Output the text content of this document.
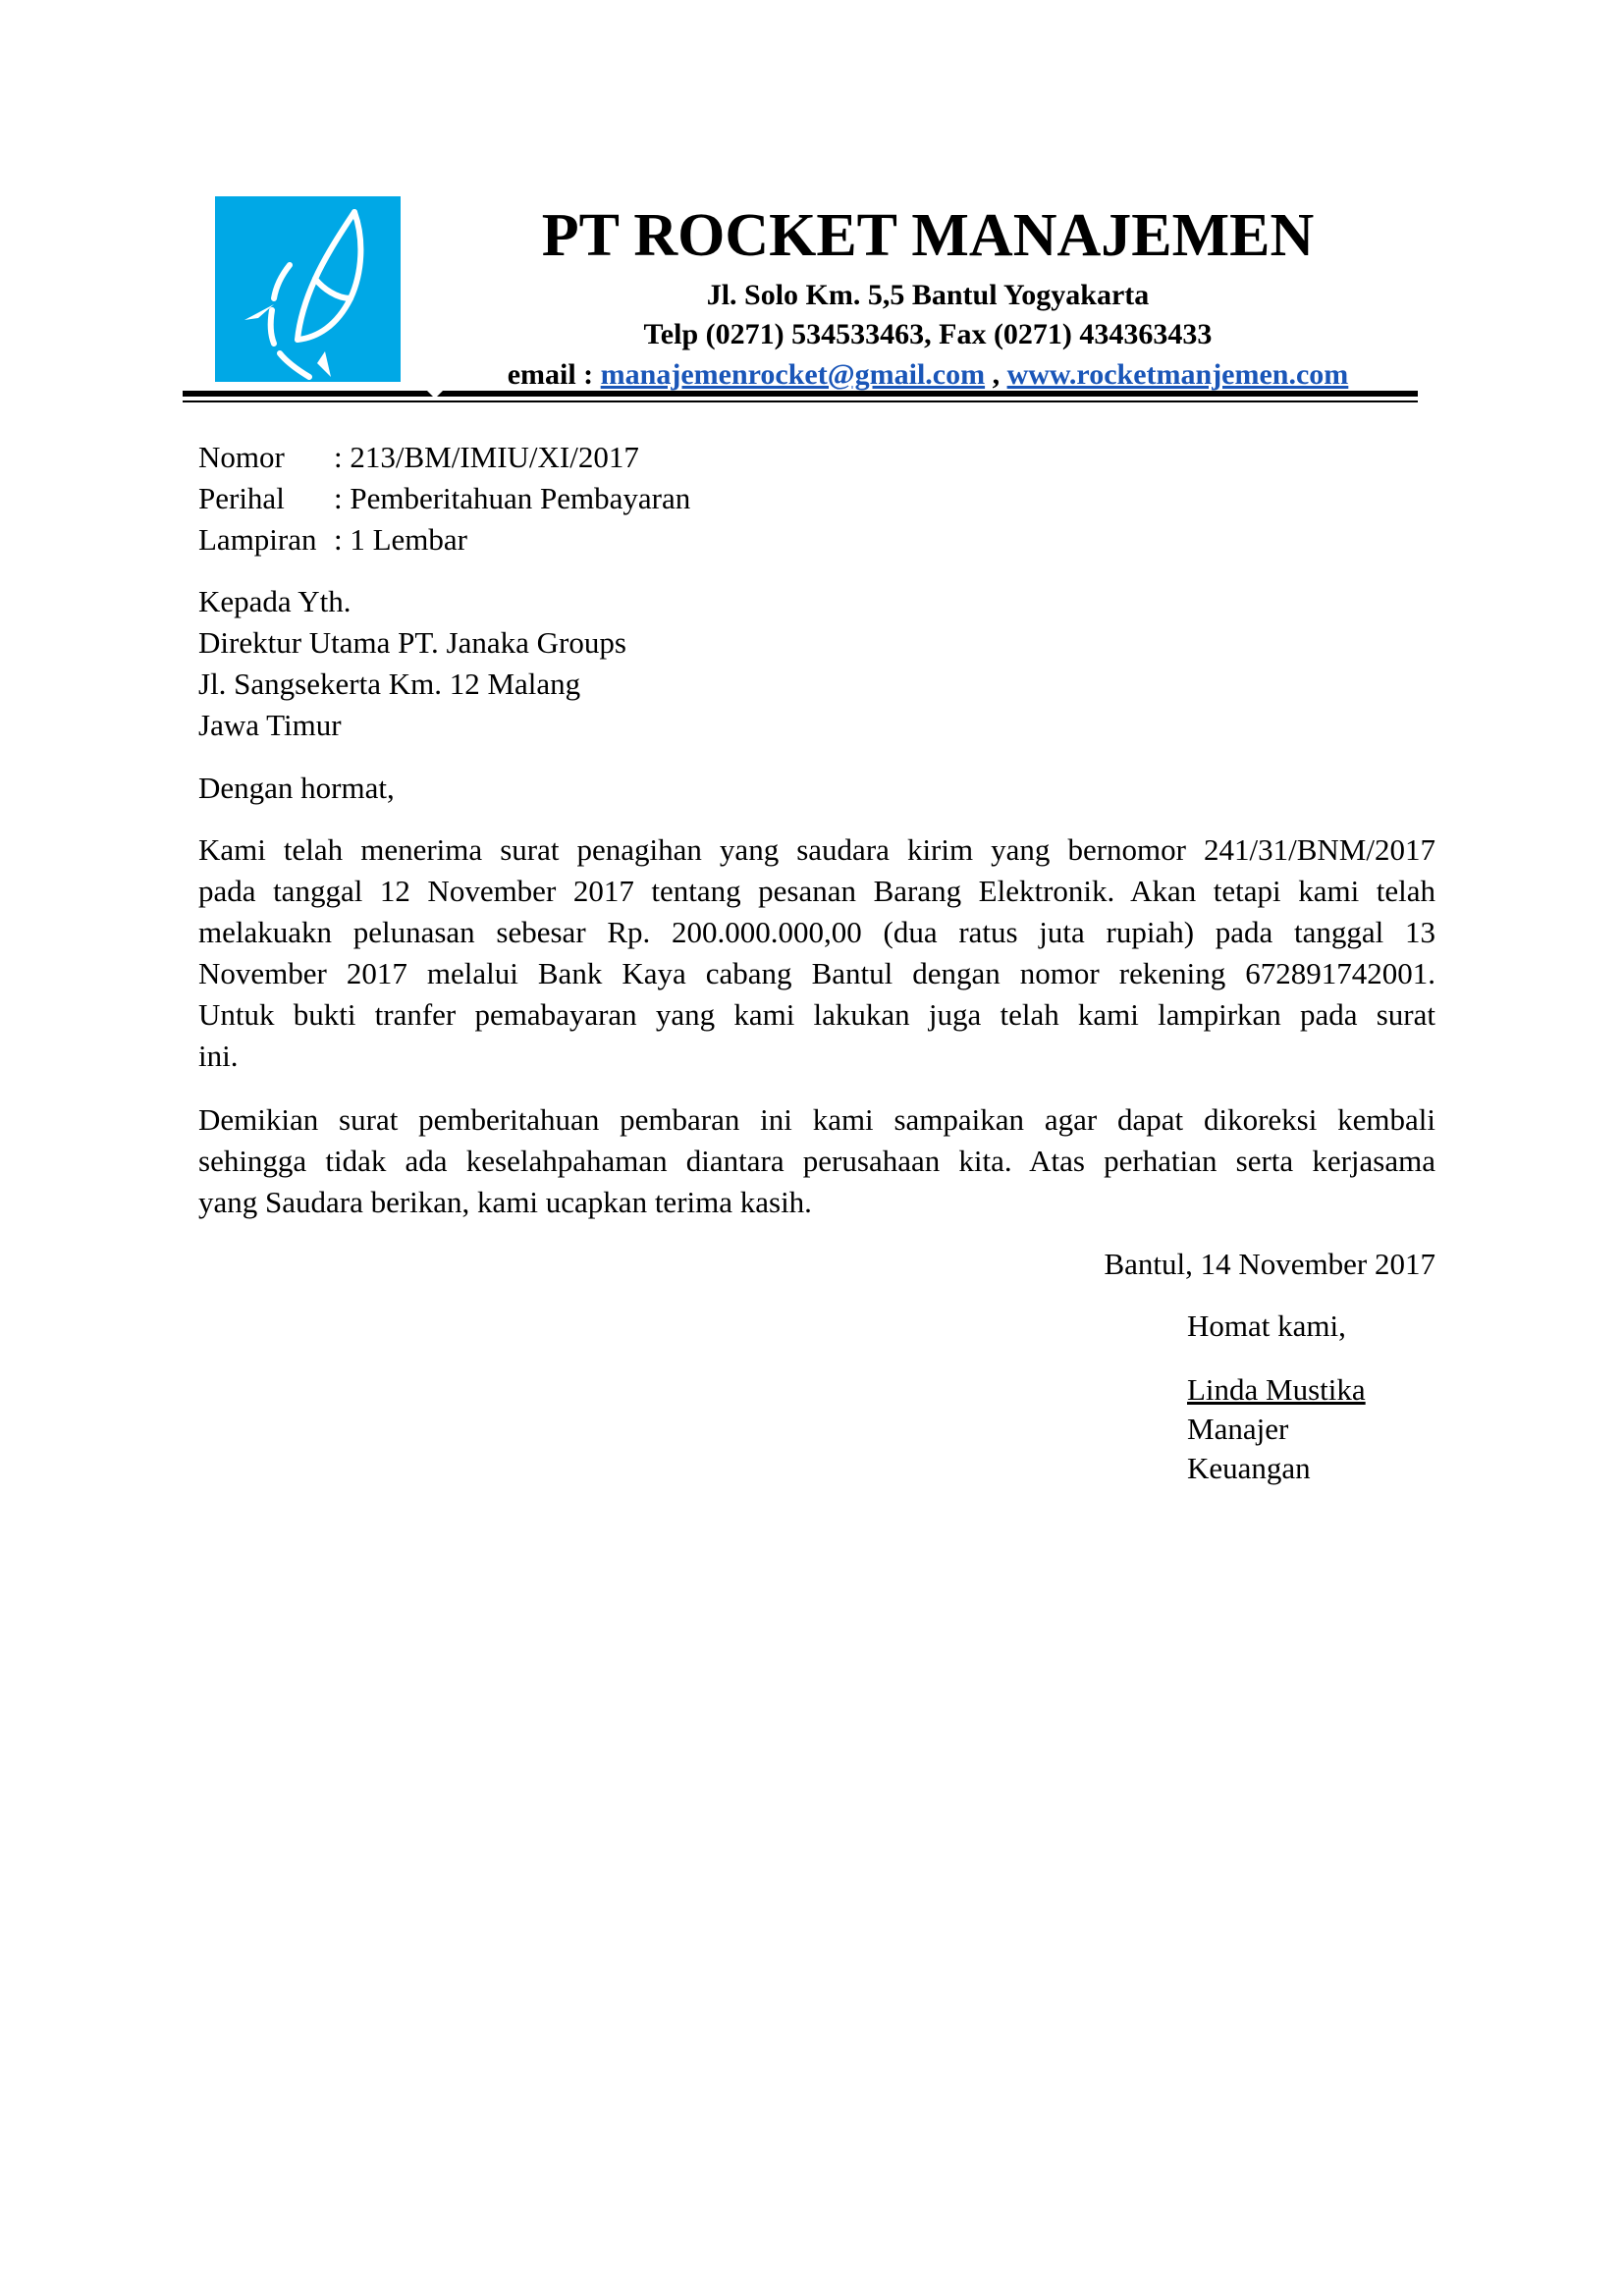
PT ROCKET MANAJEMEN

Jl. Solo Km. 5,5 Bantul Yogyakarta

Telp (0271) 534533463, Fax (0271) 434363433

email : manajemenrocket@gmail.com , www.rocketmanjemen.com

Nomor : 213/BM/IMIU/XI/2017

Perihal : Pemberitahuan Pembayaran

Lampiran : 1 Lembar

Kepada Yth.

Direktur Utama PT. Janaka Groups

Jl. Sangsekerta Km. 12 Malang

Jawa Timur

Dengan hormat,

Kami telah menerima surat penagihan yang saudara kirim yang bernomor 241/31/BNM/2017
pada tanggal 12 November 2017 tentang pesanan Barang Elektronik. Akan tetapi kami telah
melakuakn pelunasan sebesar Rp. 200.000.000,00 (dua ratus juta rupiah) pada tanggal 13
November 2017 melalui Bank Kaya cabang Bantul dengan nomor rekening 672891742001.
Untuk bukti tranfer pemabayaran yang kami lakukan juga telah kami lampirkan pada surat
ini.
Demikian surat pemberitahuan pembaran ini kami sampaikan agar dapat dikoreksi kembali
sehingga tidak ada keselahpahaman diantara perusahaan kita. Atas perhatian serta kerjasama
yang Saudara berikan, kami ucapkan terima kasih.

Bantul, 14 November 2017

Homat kami,

Linda Mustika

Manajer

Keuangan
